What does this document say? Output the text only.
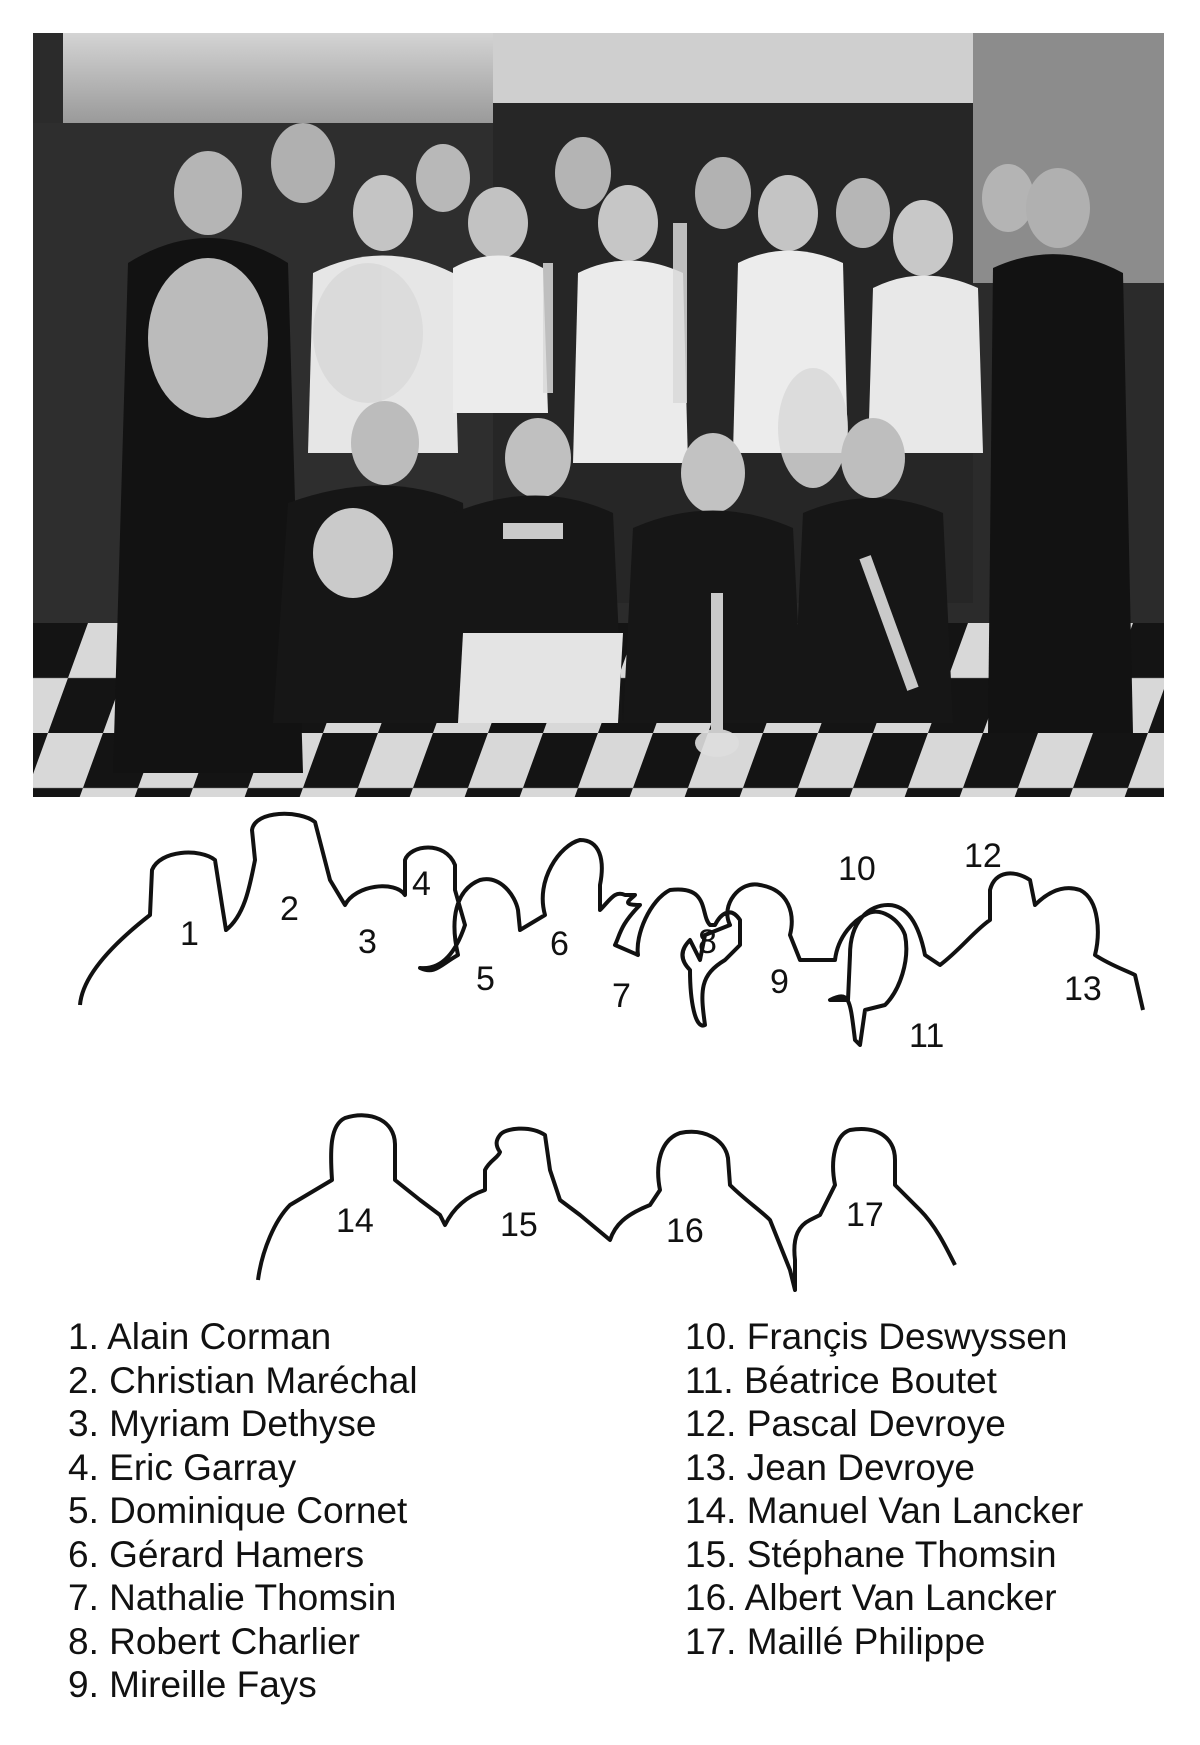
1
2
3
4
5
6
7
8
9
10
11
12
13
14	15	16	17
1. Alain Corman
2. Christian Maréchal
3. Myriam Dethyse
4. Eric Garray
5. Dominique Cornet
6. Gérard Hamers
7. Nathalie Thomsin
8. Robert Charlier
9. Mireille Fays
10. Françis Deswyssen
11. Béatrice Boutet
12. Pascal Devroye
13. Jean Devroye
14. Manuel Van Lancker
15. Stéphane Thomsin
16. Albert Van Lancker
17. Maillé Philippe
